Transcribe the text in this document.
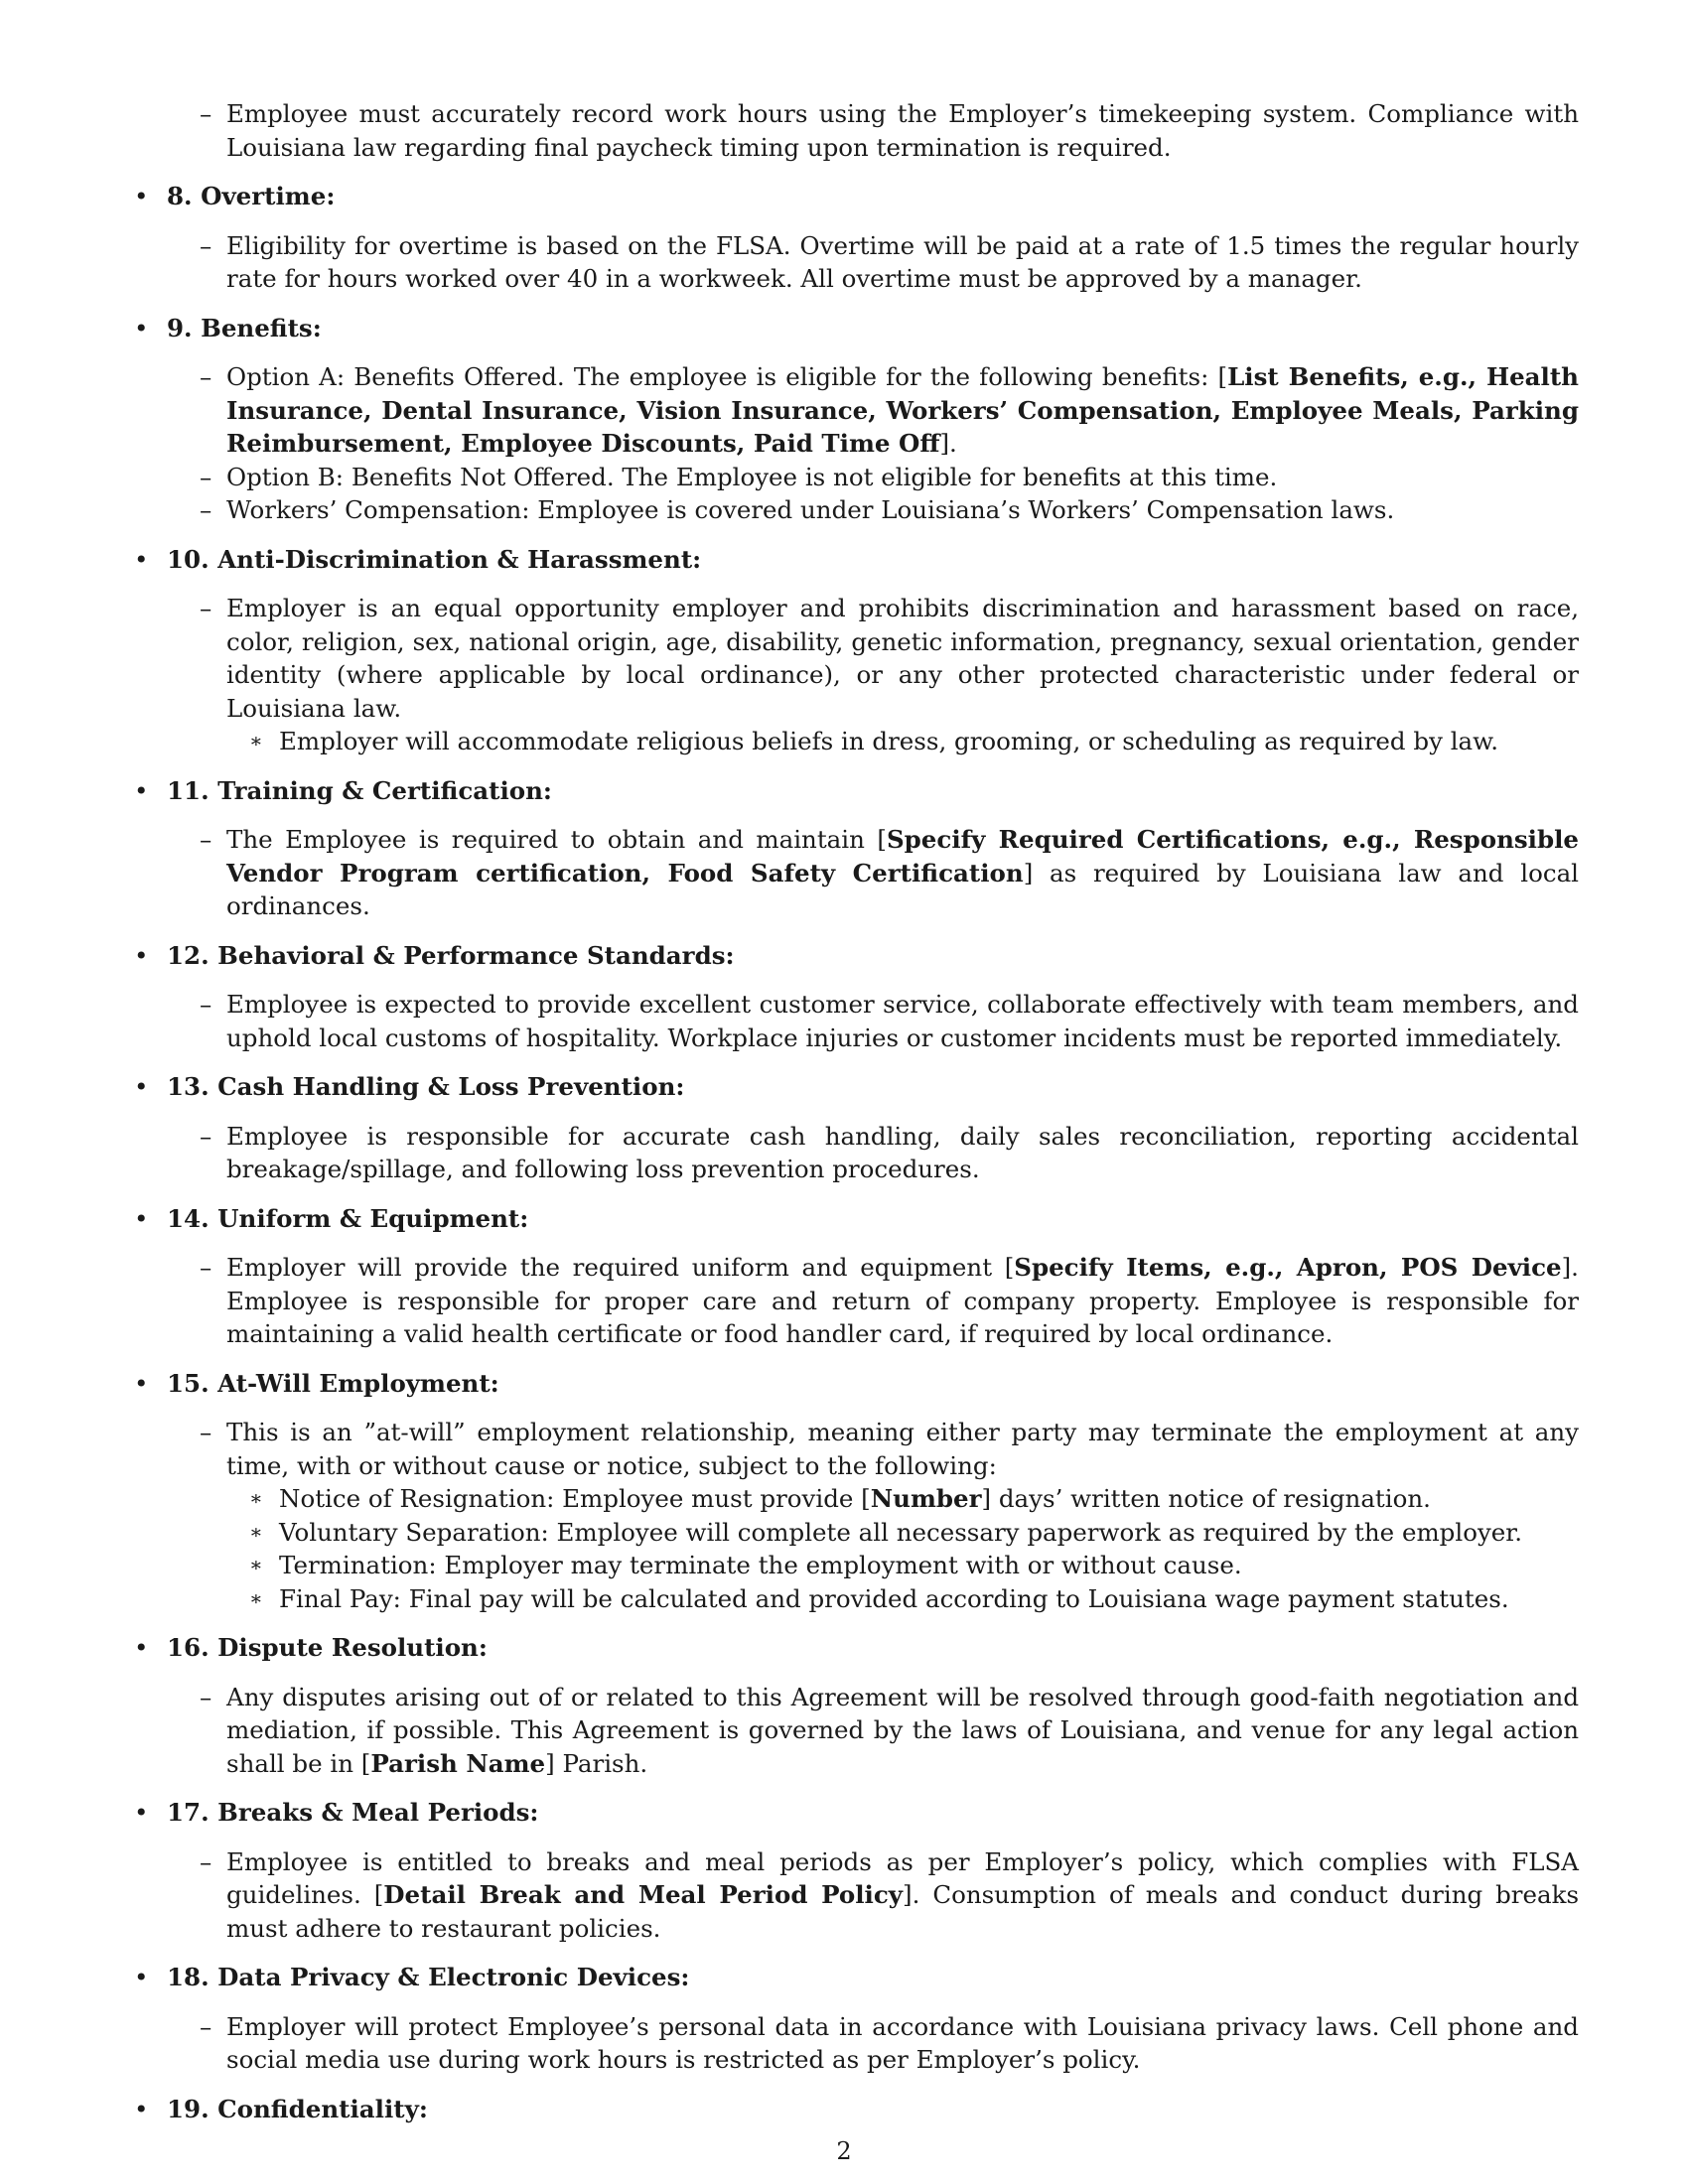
– Employee must accurately record work hours using the Employer’s timekeeping system. Compliance with Louisiana law regarding final paycheck timing upon termination is required.
• 8. Overtime:
– Eligibility for overtime is based on the FLSA. Overtime will be paid at a rate of 1.5 times the regular hourly rate for hours worked over 40 in a workweek. All overtime must be approved by a manager.
• 9. Benefits:
– Option A: Benefits Offered. The employee is eligible for the following benefits: [List Benefits, e.g., Health Insurance, Dental Insurance, Vision Insurance, Workers’ Compensation, Employee Meals, Parking Reimbursement, Employee Discounts, Paid Time Off].
– Option B: Benefits Not Offered. The Employee is not eligible for benefits at this time.
– Workers’ Compensation: Employee is covered under Louisiana’s Workers’ Compensation laws.
• 10. Anti-Discrimination & Harassment:
– Employer is an equal opportunity employer and prohibits discrimination and harassment based on race, color, religion, sex, national origin, age, disability, genetic information, pregnancy, sexual orientation, gender identity (where applicable by local ordinance), or any other protected characteristic under federal or Louisiana law.
∗ Employer will accommodate religious beliefs in dress, grooming, or scheduling as required by law.
• 11. Training & Certification:
– The Employee is required to obtain and maintain [Specify Required Certifications, e.g., Responsible Vendor Program certification, Food Safety Certification] as required by Louisiana law and local ordinances.
• 12. Behavioral & Performance Standards:
– Employee is expected to provide excellent customer service, collaborate effectively with team members, and uphold local customs of hospitality. Workplace injuries or customer incidents must be reported immediately.
• 13. Cash Handling & Loss Prevention:
– Employee is responsible for accurate cash handling, daily sales reconciliation, reporting accidental breakage/spillage, and following loss prevention procedures.
• 14. Uniform & Equipment:
– Employer will provide the required uniform and equipment [Specify Items, e.g., Apron, POS Device]. Employee is responsible for proper care and return of company property. Employee is responsible for maintaining a valid health certificate or food handler card, if required by local ordinance.
• 15. At-Will Employment:
– This is an ”at-will” employment relationship, meaning either party may terminate the employment at any time, with or without cause or notice, subject to the following:
∗ Notice of Resignation: Employee must provide [Number] days’ written notice of resignation.
∗ Voluntary Separation: Employee will complete all necessary paperwork as required by the employer.
∗ Termination: Employer may terminate the employment with or without cause.
∗ Final Pay: Final pay will be calculated and provided according to Louisiana wage payment statutes.
• 16. Dispute Resolution:
– Any disputes arising out of or related to this Agreement will be resolved through good-faith negotiation and mediation, if possible. This Agreement is governed by the laws of Louisiana, and venue for any legal action shall be in [Parish Name] Parish.
• 17. Breaks & Meal Periods:
– Employee is entitled to breaks and meal periods as per Employer’s policy, which complies with FLSA guidelines. [Detail Break and Meal Period Policy]. Consumption of meals and conduct during breaks must adhere to restaurant policies.
• 18. Data Privacy & Electronic Devices:
– Employer will protect Employee’s personal data in accordance with Louisiana privacy laws. Cell phone and social media use during work hours is restricted as per Employer’s policy.
• 19. Confidentiality:
2
